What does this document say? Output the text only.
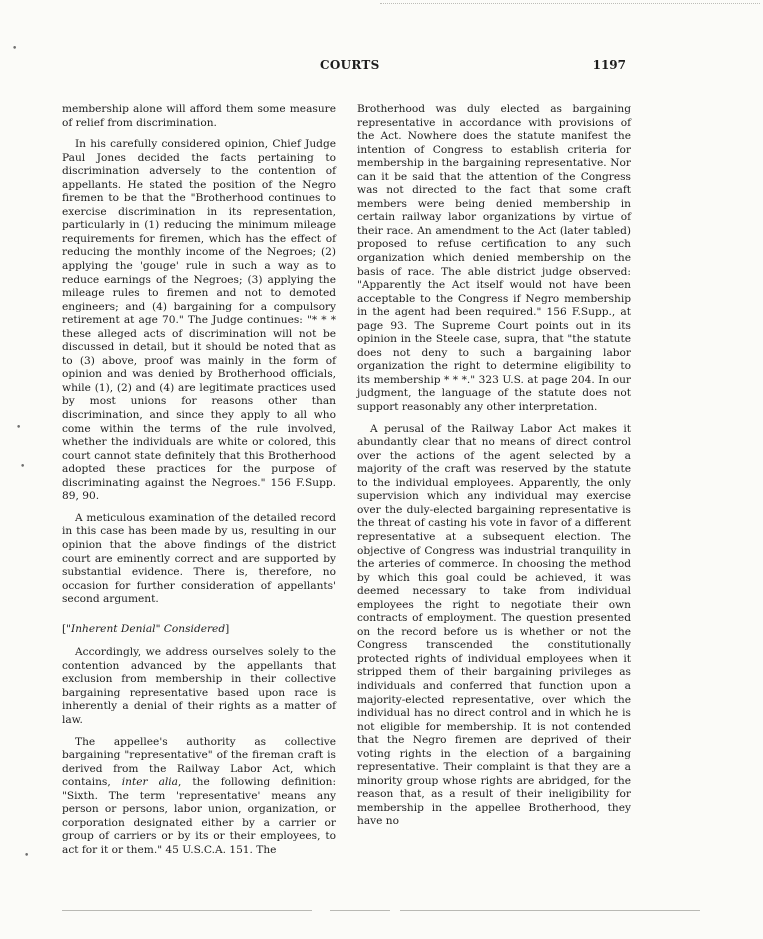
COURTS	1197

membership alone will afford them some measure of relief from discrimination.

In his carefully considered opinion, Chief Judge Paul Jones decided the facts pertaining to discrimination adversely to the contention of appellants. He stated the position of the Negro firemen to be that the "Brotherhood continues to exercise discrimination in its representation, particularly in (1) reducing the minimum mileage requirements for firemen, which has the effect of reducing the monthly income of the Negroes; (2) applying the 'gouge' rule in such a way as to reduce earnings of the Negroes; (3) applying the mileage rules to firemen and not to demoted engineers; and (4) bargaining for a compulsory retirement at age 70." The Judge continues: "* * * these alleged acts of discrimination will not be discussed in detail, but it should be noted that as to (3) above, proof was mainly in the form of opinion and was denied by Brotherhood officials, while (1), (2) and (4) are legitimate practices used by most unions for reasons other than discrimination, and since they apply to all who come within the terms of the rule involved, whether the individuals are white or colored, this court cannot state definitely that this Brotherhood adopted these practices for the purpose of discriminating against the Negroes." 156 F.Supp. 89, 90.

A meticulous examination of the detailed record in this case has been made by us, resulting in our opinion that the above findings of the district court are eminently correct and are supported by substantial evidence. There is, therefore, no occasion for further consideration of appellants' second argument.

["Inherent Denial" Considered]

Accordingly, we address ourselves solely to the contention advanced by the appellants that exclusion from membership in their collective bargaining representative based upon race is inherently a denial of their rights as a matter of law.

The appellee's authority as collective bargaining "representative" of the fireman craft is derived from the Railway Labor Act, which contains, inter alia, the following definition: "Sixth. The term 'representative' means any person or persons, labor union, organization, or corporation designated either by a carrier or group of carriers or by its or their employees, to act for it or them." 45 U.S.C.A. 151. The

Brotherhood was duly elected as bargaining representative in accordance with provisions of the Act. Nowhere does the statute manifest the intention of Congress to establish criteria for membership in the bargaining representative. Nor can it be said that the attention of the Congress was not directed to the fact that some craft members were being denied membership in certain railway labor organizations by virtue of their race. An amendment to the Act (later tabled) proposed to refuse certification to any such organization which denied membership on the basis of race. The able district judge observed: "Apparently the Act itself would not have been acceptable to the Congress if Negro membership in the agent had been required." 156 F.Supp., at page 93. The Supreme Court points out in its opinion in the Steele case, supra, that "the statute does not deny to such a bargaining labor organization the right to determine eligibility to its membership * * *." 323 U.S. at page 204. In our judgment, the language of the statute does not support reasonably any other interpretation.

A perusal of the Railway Labor Act makes it abundantly clear that no means of direct control over the actions of the agent selected by a majority of the craft was reserved by the statute to the individual employees. Apparently, the only supervision which any individual may exercise over the duly-elected bargaining representative is the threat of casting his vote in favor of a different representative at a subsequent election. The objective of Congress was industrial tranquility in the arteries of commerce. In choosing the method by which this goal could be achieved, it was deemed necessary to take from individual employees the right to negotiate their own contracts of employment. The question presented on the record before us is whether or not the Congress transcended the constitutionally protected rights of individual employees when it stripped them of their bargaining privileges as individuals and conferred that function upon a majority-elected representative, over which the individual has no direct control and in which he is not eligible for membership. It is not contended that the Negro firemen are deprived of their voting rights in the election of a bargaining representative. Their complaint is that they are a minority group whose rights are abridged, for the reason that, as a result of their ineligibility for membership in the appellee Brotherhood, they have no

•
•
•
•
